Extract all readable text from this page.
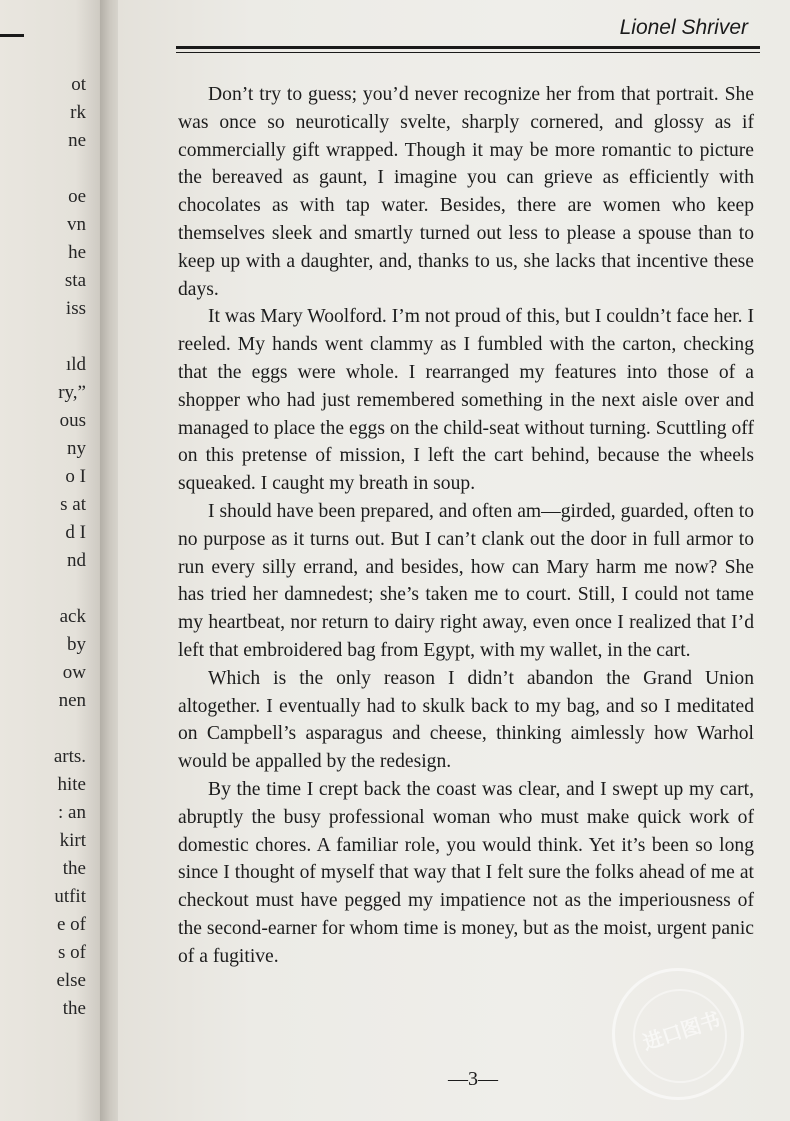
ot
rk
ne
oe
vn
he
sta
iss
ıld
ry,”
ous
ny
o I
s at
d I
nd
ack
by
ow
nen
arts.
hite
: an
kirt
the
utfit
e of
s of
else
the
Lionel Shriver

Don’t try to guess; you’d never recognize her from that portrait. She was once so neurotically svelte, sharply cornered, and glossy as if commercially gift wrapped. Though it may be more romantic to picture the bereaved as gaunt, I imagine you can grieve as efficiently with chocolates as with tap water. Besides, there are women who keep themselves sleek and smartly turned out less to please a spouse than to keep up with a daughter, and, thanks to us, she lacks that incentive these days.

It was Mary Woolford. I’m not proud of this, but I couldn’t face her. I reeled. My hands went clammy as I fumbled with the carton, checking that the eggs were whole. I rearranged my features into those of a shopper who had just remembered something in the next aisle over and managed to place the eggs on the child-seat without turning. Scuttling off on this pretense of mission, I left the cart behind, because the wheels squeaked. I caught my breath in soup.

I should have been prepared, and often am—girded, guarded, often to no purpose as it turns out. But I can’t clank out the door in full armor to run every silly errand, and besides, how can Mary harm me now? She has tried her damnedest; she’s taken me to court. Still, I could not tame my heartbeat, nor return to dairy right away, even once I realized that I’d left that embroidered bag from Egypt, with my wallet, in the cart.

Which is the only reason I didn’t abandon the Grand Union altogether. I eventually had to skulk back to my bag, and so I meditated on Campbell’s asparagus and cheese, thinking aimlessly how Warhol would be appalled by the redesign.

By the time I crept back the coast was clear, and I swept up my cart, abruptly the busy professional woman who must make quick work of domestic chores. A familiar role, you would think. Yet it’s been so long since I thought of myself that way that I felt sure the folks ahead of me at checkout must have pegged my impatience not as the imperiousness of the second-earner for whom time is money, but as the moist, urgent panic of a fugitive.

—3—
进口图书
